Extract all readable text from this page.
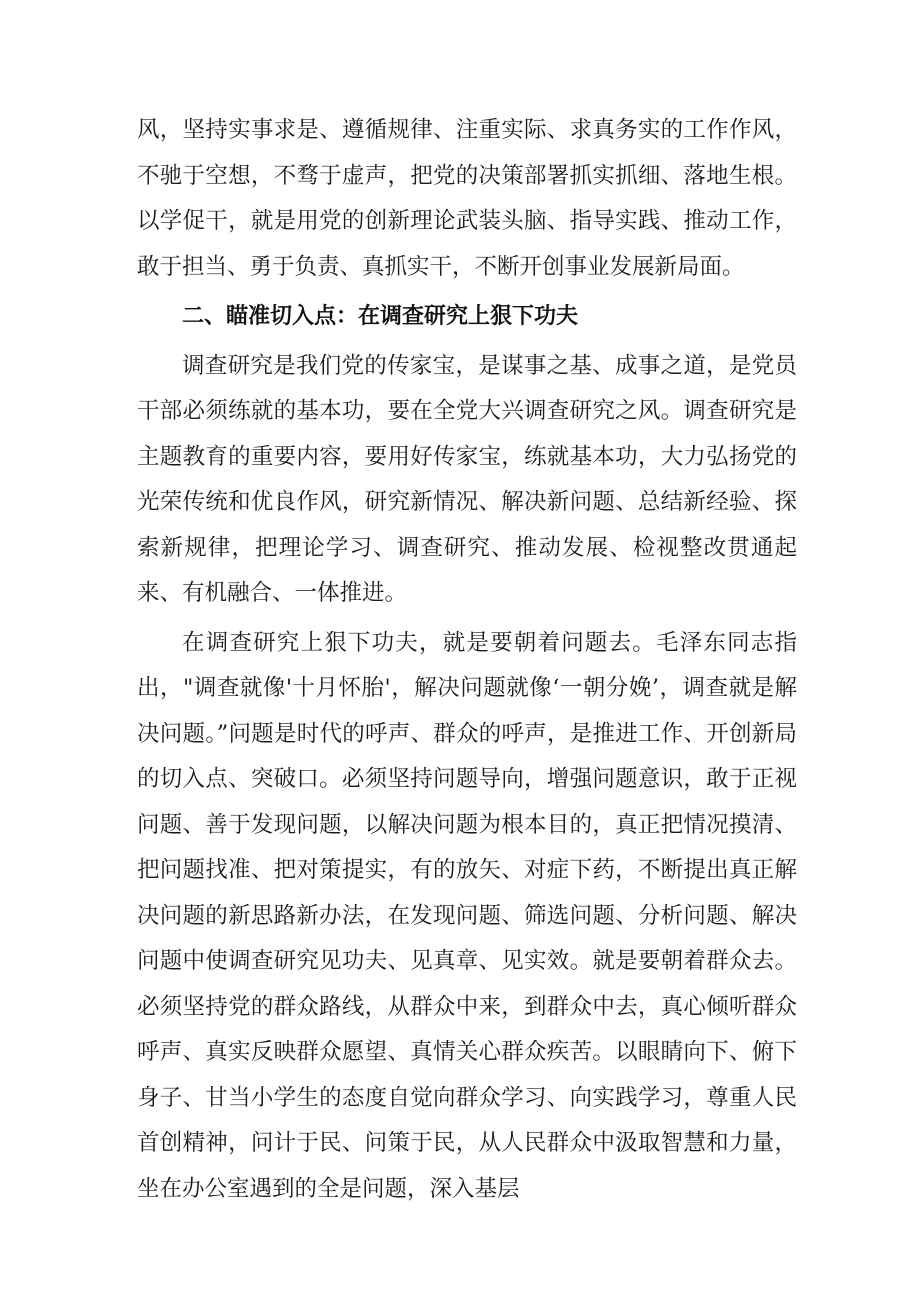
风，坚持实事求是、遵循规律、注重实际、求真务实的工作作风，不驰于空想，不骛于虚声，把党的决策部署抓实抓细、落地生根。以学促干，就是用党的创新理论武装头脑、指导实践、推动工作，敢于担当、勇于负责、真抓实干，不断开创事业发展新局面。

二、瞄准切入点：在调查研究上狠下功夫

调查研究是我们党的传家宝，是谋事之基、成事之道，是党员干部必须练就的基本功，要在全党大兴调查研究之风。调查研究是主题教育的重要内容，要用好传家宝，练就基本功，大力弘扬党的光荣传统和优良作风，研究新情况、解决新问题、总结新经验、探索新规律，把理论学习、调查研究、推动发展、检视整改贯通起来、有机融合、一体推进。

在调查研究上狠下功夫，就是要朝着问题去。毛泽东同志指出，"调查就像'十月怀胎'，解决问题就像‘一朝分娩’，调查就是解决问题。”问题是时代的呼声、群众的呼声，是推进工作、开创新局的切入点、突破口。必须坚持问题导向，增强问题意识，敢于正视问题、善于发现问题，以解决问题为根本目的，真正把情况摸清、把问题找准、把对策提实，有的放矢、对症下药，不断提出真正解决问题的新思路新办法，在发现问题、筛选问题、分析问题、解决问题中使调查研究见功夫、见真章、见实效。就是要朝着群众去。必须坚持党的群众路线，从群众中来，到群众中去，真心倾听群众呼声、真实反映群众愿望、真情关心群众疾苦。以眼睛向下、俯下身子、甘当小学生的态度自觉向群众学习、向实践学习，尊重人民首创精神，问计于民、问策于民，从人民群众中汲取智慧和力量，坐在办公室遇到的全是问题，深入基层
